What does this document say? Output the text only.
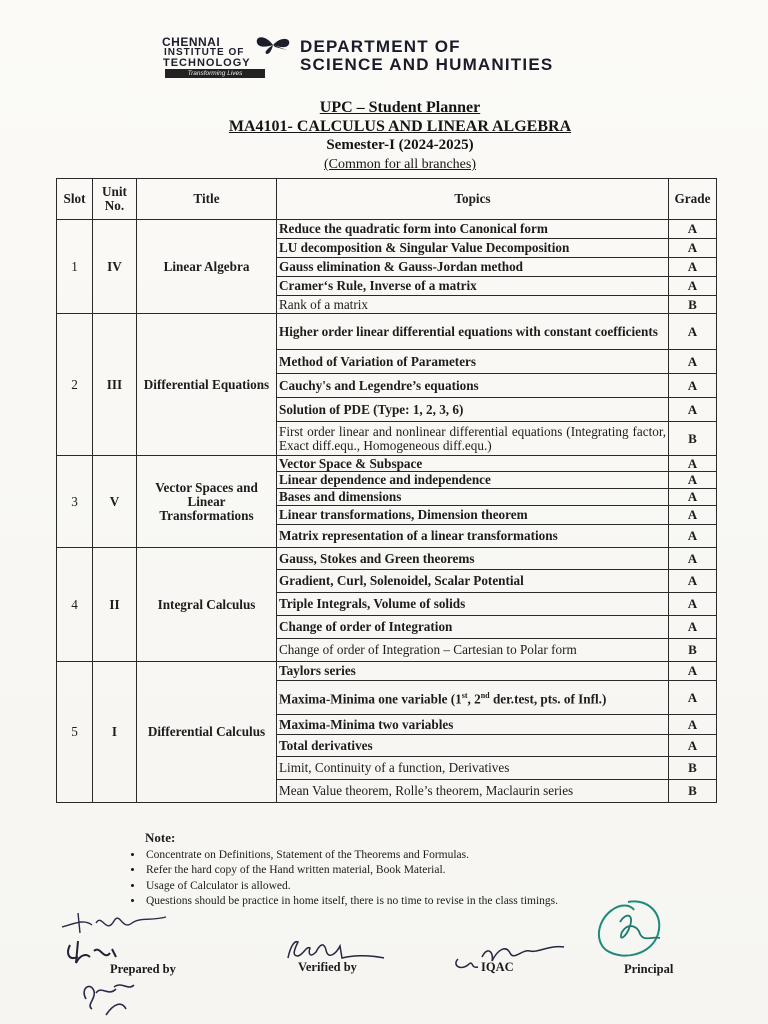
CHENNAI
INSTITUTE OF
TECHNOLOGY
Transforming Lives
DEPARTMENT OF
SCIENCE AND HUMANITIES
UPC – Student Planner
MA4101- CALCULUS AND LINEAR ALGEBRA
Semester-I (2024-2025)
(Common for all branches)
Slot	Unit No.	Title	Topics	Grade
1	IV	Linear Algebra	Reduce the quadratic form into Canonical form	A
			LU decomposition & Singular Value Decomposition	A
			Gauss elimination & Gauss-Jordan method	A
			Cramer‘s Rule, Inverse of a matrix	A
			Rank of a matrix	B
2	III	Differential Equations	Higher order linear differential equations with constant coefficients	A
			Method of Variation of Parameters	A
			Cauchy's and Legendre’s equations	A
			Solution of PDE (Type: 1, 2, 3, 6)	A
			First order linear and nonlinear differential equations (Integrating factor, Exact diff.equ., Homogeneous diff.equ.)	B
3	V	Vector Spaces and Linear Transformations	Vector Space & Subspace	A
			Linear dependence and independence	A
			Bases and dimensions	A
			Linear transformations, Dimension theorem	A
			Matrix representation of a linear transformations	A
4	II	Integral Calculus	Gauss, Stokes and Green theorems	A
			Gradient, Curl, Solenoidel, Scalar Potential	A
			Triple Integrals, Volume of solids	A
			Change of order of Integration	A
			Change of order of Integration – Cartesian to Polar form	B
5	I	Differential Calculus	Taylors series	A
			Maxima-Minima one variable (1st, 2nd der.test, pts. of Infl.)	A
			Maxima-Minima two variables	A
			Total derivatives	A
			Limit, Continuity of a function, Derivatives	B
			Mean Value theorem, Rolle’s theorem, Maclaurin series	B
Note:
• Concentrate on Definitions, Statement of the Theorems and Formulas.
• Refer the hard copy of the Hand written material, Book Material.
• Usage of Calculator is allowed.
• Questions should be practice in home itself, there is no time to revise in the class timings.
Prepared by	Verified by	IQAC	Principal
